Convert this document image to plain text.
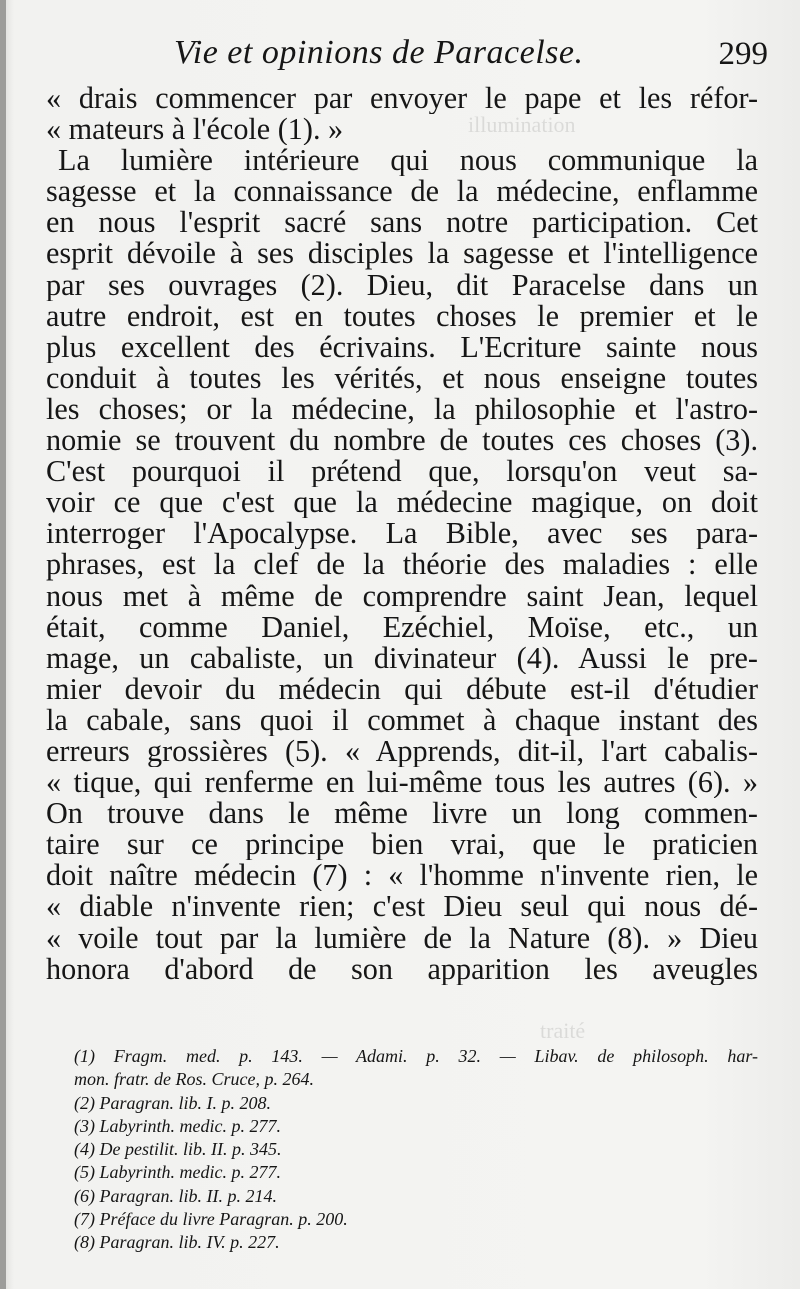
illumination
traité
Vie et opinions de Paracelse.	299
« drais commencer par envoyer le pape et les réfor-
« mateurs à l'école (1). »
La lumière intérieure qui nous communique la
sagesse et la connaissance de la médecine, enflamme
en nous l'esprit sacré sans notre participation. Cet
esprit dévoile à ses disciples la sagesse et l'intelligence
par ses ouvrages (2). Dieu, dit Paracelse dans un
autre endroit, est en toutes choses le premier et le
plus excellent des écrivains. L'Ecriture sainte nous
conduit à toutes les vérités, et nous enseigne toutes
les choses; or la médecine, la philosophie et l'astro-
nomie se trouvent du nombre de toutes ces choses (3).
C'est pourquoi il prétend que, lorsqu'on veut sa-
voir ce que c'est que la médecine magique, on doit
interroger l'Apocalypse. La Bible, avec ses para-
phrases, est la clef de la théorie des maladies : elle
nous met à même de comprendre saint Jean, lequel
était, comme Daniel, Ezéchiel, Moïse, etc., un
mage, un cabaliste, un divinateur (4). Aussi le pre-
mier devoir du médecin qui débute est-il d'étudier
la cabale, sans quoi il commet à chaque instant des
erreurs grossières (5). « Apprends, dit-il, l'art cabalis-
« tique, qui renferme en lui-même tous les autres (6). »
On trouve dans le même livre un long commen-
taire sur ce principe bien vrai, que le praticien
doit naître médecin (7) : « l'homme n'invente rien, le
« diable n'invente rien; c'est Dieu seul qui nous dé-
« voile tout par la lumière de la Nature (8). » Dieu
honora d'abord de son apparition les aveugles
(1) Fragm. med. p. 143. — Adami. p. 32. — Libav. de philosoph. har-
mon. fratr. de Ros. Cruce, p. 264.
(2) Paragran. lib. I. p. 208.
(3) Labyrinth. medic. p. 277.
(4) De pestilit. lib. II. p. 345.
(5) Labyrinth. medic. p. 277.
(6) Paragran. lib. II. p. 214.
(7) Préface du livre Paragran. p. 200.
(8) Paragran. lib. IV. p. 227.
